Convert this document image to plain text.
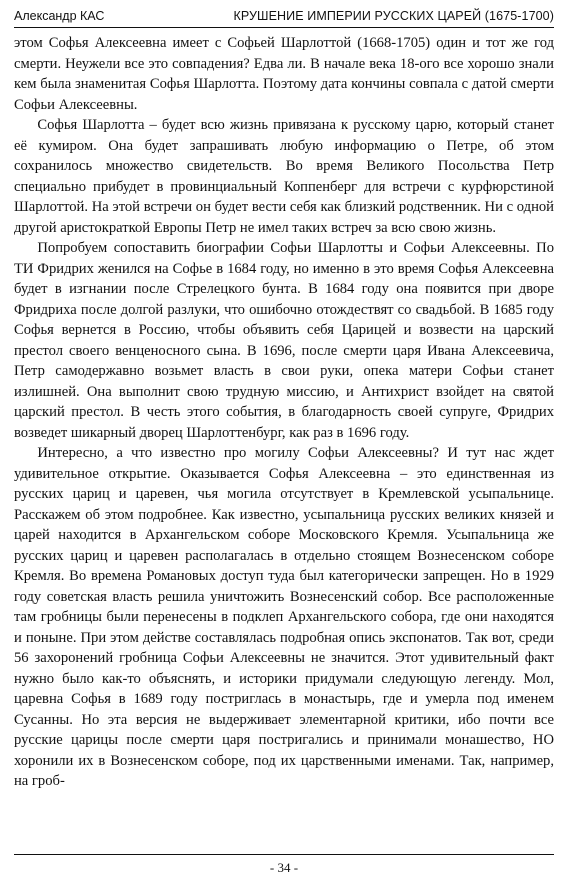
Александр КАС	КРУШЕНИЕ ИМПЕРИИ РУССКИХ ЦАРЕЙ (1675-1700)

этом Софья Алексеевна имеет с Софьей Шарлоттой (1668-1705) один и тот же год смерти. Неужели все это совпадения? Едва ли. В начале века 18-ого все хорошо знали кем была знаменитая Софья Шарлотта. Поэтому дата кончины совпала с датой смерти Софьи Алексеевны.

Софья Шарлотта – будет всю жизнь привязана к русскому царю, который станет её кумиром. Она будет запрашивать любую информацию о Петре, об этом сохранилось множество свидетельств. Во время Великого Посольства Петр специально прибудет в провинциальный Коппенберг для встречи с курфюрстиной Шарлоттой. На этой встречи он будет вести себя как близкий родственник. Ни с одной другой аристократкой Европы Петр не имел таких встреч за всю свою жизнь.

Попробуем сопоставить биографии Софьи Шарлотты и Софьи Алексеевны. По ТИ Фридрих женился на Софье в 1684 году, но именно в это время Софья Алексеевна будет в изгнании после Стрелецкого бунта. В 1684 году она появится при дворе Фридриха после долгой разлуки, что ошибочно отождествят со свадьбой. В 1685 году Софья вернется в Россию, чтобы объявить себя Царицей и возвести на царский престол своего венценосного сына. В 1696, после смерти царя Ивана Алексеевича, Петр самодержавно возьмет власть в свои руки, опека матери Софьи станет излишней. Она выполнит свою трудную миссию, и Антихрист взойдет на святой царский престол. В честь этого события, в благодарность своей супруге, Фридрих возведет шикарный дворец Шарлоттенбург, как раз в 1696 году.

Интересно, а что известно про могилу Софьи Алексеевны? И тут нас ждет удивительное открытие. Оказывается Софья Алексеевна – это единственная из русских цариц и царевен, чья могила отсутствует в Кремлевской усыпальнице. Расскажем об этом подробнее. Как известно, усыпальница русских великих князей и царей находится в Архангельском соборе Московского Кремля. Усыпальница же русских цариц и царевен располагалась в отдельно стоящем Вознесенском соборе Кремля. Во времена Романовых доступ туда был категорически запрещен. Но в 1929 году советская власть решила уничтожить Вознесенский собор. Все расположенные там гробницы были перенесены в подклеп Архангельского собора, где они находятся и поныне. При этом действе составлялась подробная опись экспонатов. Так вот, среди 56 захоронений гробница Софьи Алексеевны не значится. Этот удивительный факт нужно было как-то объяснять, и историки придумали следующую легенду. Мол, царевна Софья в 1689 году постриглась в монастырь, где и умерла под именем Сусанны. Но эта версия не выдерживает элементарной критики, ибо почти все русские царицы после смерти царя постригались и принимали монашество, НО хоронили их в Вознесенском соборе, под их царственными именами. Так, например, на гроб-

- 34 -
